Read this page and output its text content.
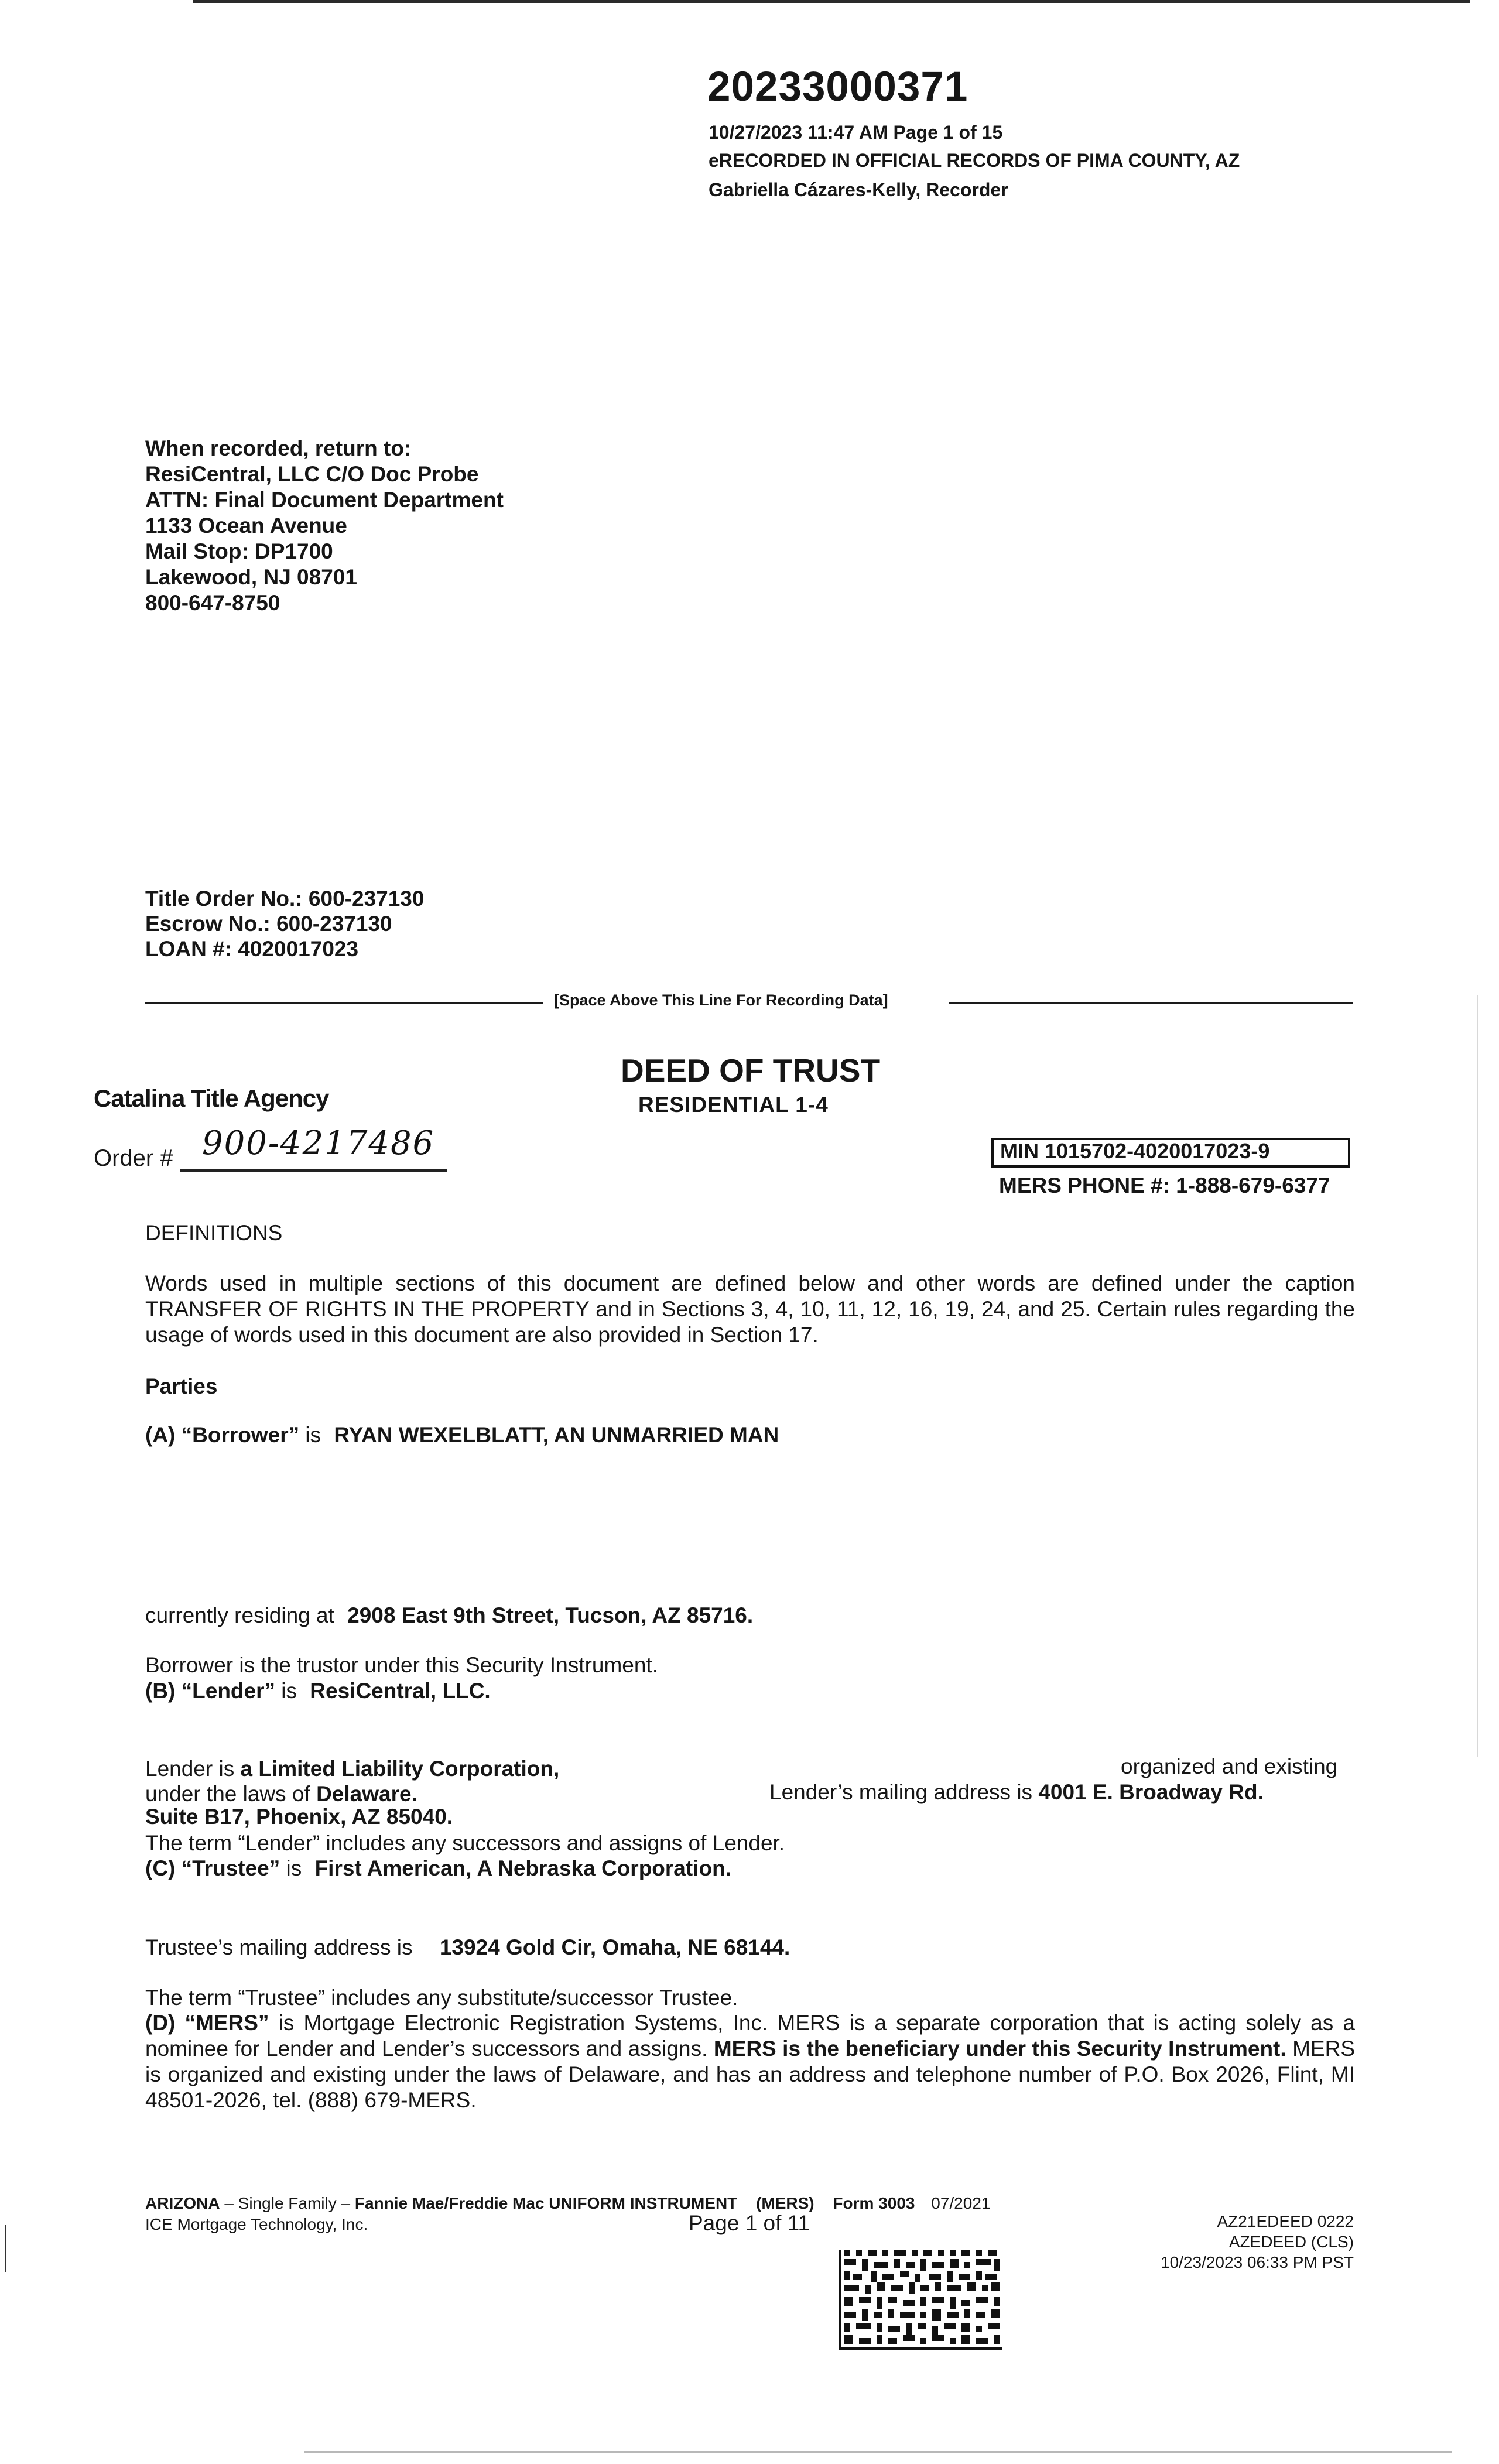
20233000371
10/27/2023 11:47 AM Page 1 of 15
eRECORDED IN OFFICIAL RECORDS OF PIMA COUNTY, AZ
Gabriella Cázares-Kelly, Recorder
When recorded, return to:
ResiCentral, LLC C/O Doc Probe
ATTN: Final Document Department
1133 Ocean Avenue
Mail Stop: DP1700
Lakewood, NJ 08701
800-647-8750
Title Order No.: 600-237130
Escrow No.: 600-237130
LOAN #: 4020017023
[Space Above This Line For Recording Data]
DEED OF TRUST
RESIDENTIAL 1-4
Catalina Title Agency
Order # 900-4217486	MIN 1015702-4020017023-9
MERS PHONE #: 1-888-679-6377
DEFINITIONS
Words used in multiple sections of this document are defined below and other words are defined under the caption TRANSFER OF RIGHTS IN THE PROPERTY and in Sections 3, 4, 10, 11, 12, 16, 19, 24, and 25. Certain rules regarding the usage of words used in this document are also provided in Section 17.
Parties
(A) “Borrower” is RYAN WEXELBLATT, AN UNMARRIED MAN
currently residing at 2908 East 9th Street, Tucson, AZ 85716.
Borrower is the trustor under this Security Instrument.
(B) “Lender” is ResiCentral, LLC.
Lender is a Limited Liability Corporation,	organized and existing
under the laws of Delaware.	Lender’s mailing address is 4001 E. Broadway Rd.
Suite B17, Phoenix, AZ 85040.
The term “Lender” includes any successors and assigns of Lender.
(C) “Trustee” is First American, A Nebraska Corporation.
Trustee’s mailing address is 13924 Gold Cir, Omaha, NE 68144.
The term “Trustee” includes any substitute/successor Trustee.
(D) “MERS” is Mortgage Electronic Registration Systems, Inc. MERS is a separate corporation that is acting solely as a nominee for Lender and Lender’s successors and assigns. MERS is the beneficiary under this Security Instrument. MERS is organized and existing under the laws of Delaware, and has an address and telephone number of P.O. Box 2026, Flint, MI 48501-2026, tel. (888) 679-MERS.
ARIZONA – Single Family – Fannie Mae/Freddie Mac UNIFORM INSTRUMENT (MERS) Form 3003 07/2021
ICE Mortgage Technology, Inc.	Page 1 of 11	AZ21EDEED 0222
AZEDEED (CLS)
10/23/2023 06:33 PM PST
